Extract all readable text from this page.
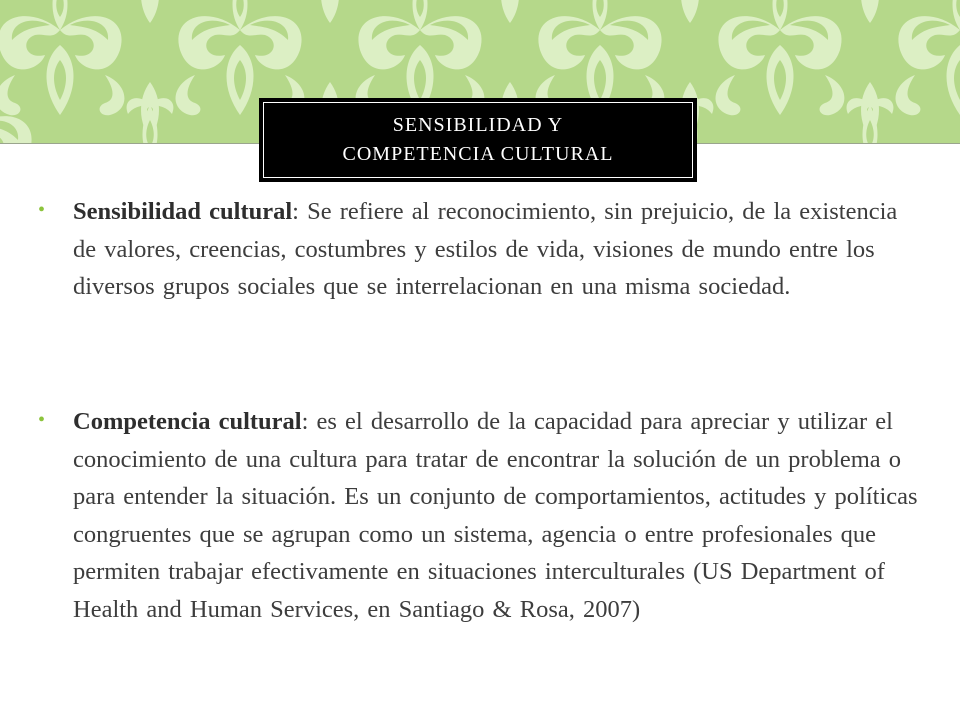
SENSIBILIDAD Y
COMPETENCIA CULTURAL
• Sensibilidad cultural: Se refiere al reconocimiento, sin prejuicio, de la existencia de valores, creencias, costumbres y estilos de vida, visiones de mundo entre los diversos grupos sociales que se interrelacionan en una misma sociedad.
• Competencia cultural: es el desarrollo de la capacidad para apreciar y utilizar el conocimiento de una cultura para tratar de encontrar la solución de un problema o para entender la situación. Es un conjunto de comportamientos, actitudes y políticas congruentes que se agrupan como un sistema, agencia o entre profesionales que permiten trabajar efectivamente en situaciones interculturales (US Department of Health and Human Services, en Santiago & Rosa, 2007)
